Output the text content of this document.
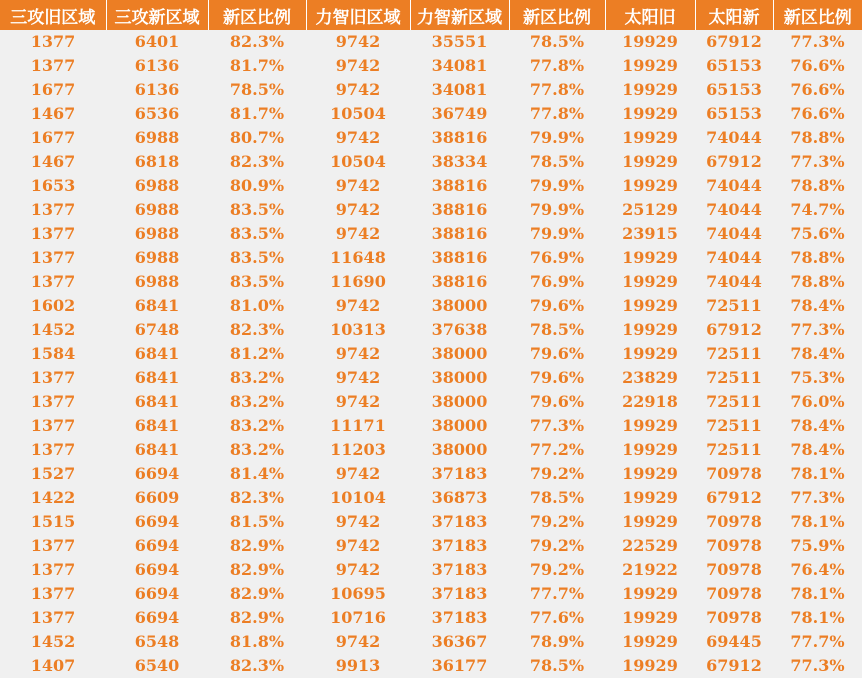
三攻旧区域	三攻新区域	新区比例	力智旧区域	力智新区域	新区比例	太阳旧	太阳新	新区比例
1377	6401	82.3%	9742	35551	78.5%	19929	67912	77.3%
1377	6136	81.7%	9742	34081	77.8%	19929	65153	76.6%
1677	6136	78.5%	9742	34081	77.8%	19929	65153	76.6%
1467	6536	81.7%	10504	36749	77.8%	19929	65153	76.6%
1677	6988	80.7%	9742	38816	79.9%	19929	74044	78.8%
1467	6818	82.3%	10504	38334	78.5%	19929	67912	77.3%
1653	6988	80.9%	9742	38816	79.9%	19929	74044	78.8%
1377	6988	83.5%	9742	38816	79.9%	25129	74044	74.7%
1377	6988	83.5%	9742	38816	79.9%	23915	74044	75.6%
1377	6988	83.5%	11648	38816	76.9%	19929	74044	78.8%
1377	6988	83.5%	11690	38816	76.9%	19929	74044	78.8%
1602	6841	81.0%	9742	38000	79.6%	19929	72511	78.4%
1452	6748	82.3%	10313	37638	78.5%	19929	67912	77.3%
1584	6841	81.2%	9742	38000	79.6%	19929	72511	78.4%
1377	6841	83.2%	9742	38000	79.6%	23829	72511	75.3%
1377	6841	83.2%	9742	38000	79.6%	22918	72511	76.0%
1377	6841	83.2%	11171	38000	77.3%	19929	72511	78.4%
1377	6841	83.2%	11203	38000	77.2%	19929	72511	78.4%
1527	6694	81.4%	9742	37183	79.2%	19929	70978	78.1%
1422	6609	82.3%	10104	36873	78.5%	19929	67912	77.3%
1515	6694	81.5%	9742	37183	79.2%	19929	70978	78.1%
1377	6694	82.9%	9742	37183	79.2%	22529	70978	75.9%
1377	6694	82.9%	9742	37183	79.2%	21922	70978	76.4%
1377	6694	82.9%	10695	37183	77.7%	19929	70978	78.1%
1377	6694	82.9%	10716	37183	77.6%	19929	70978	78.1%
1452	6548	81.8%	9742	36367	78.9%	19929	69445	77.7%
1407	6540	82.3%	9913	36177	78.5%	19929	67912	77.3%
